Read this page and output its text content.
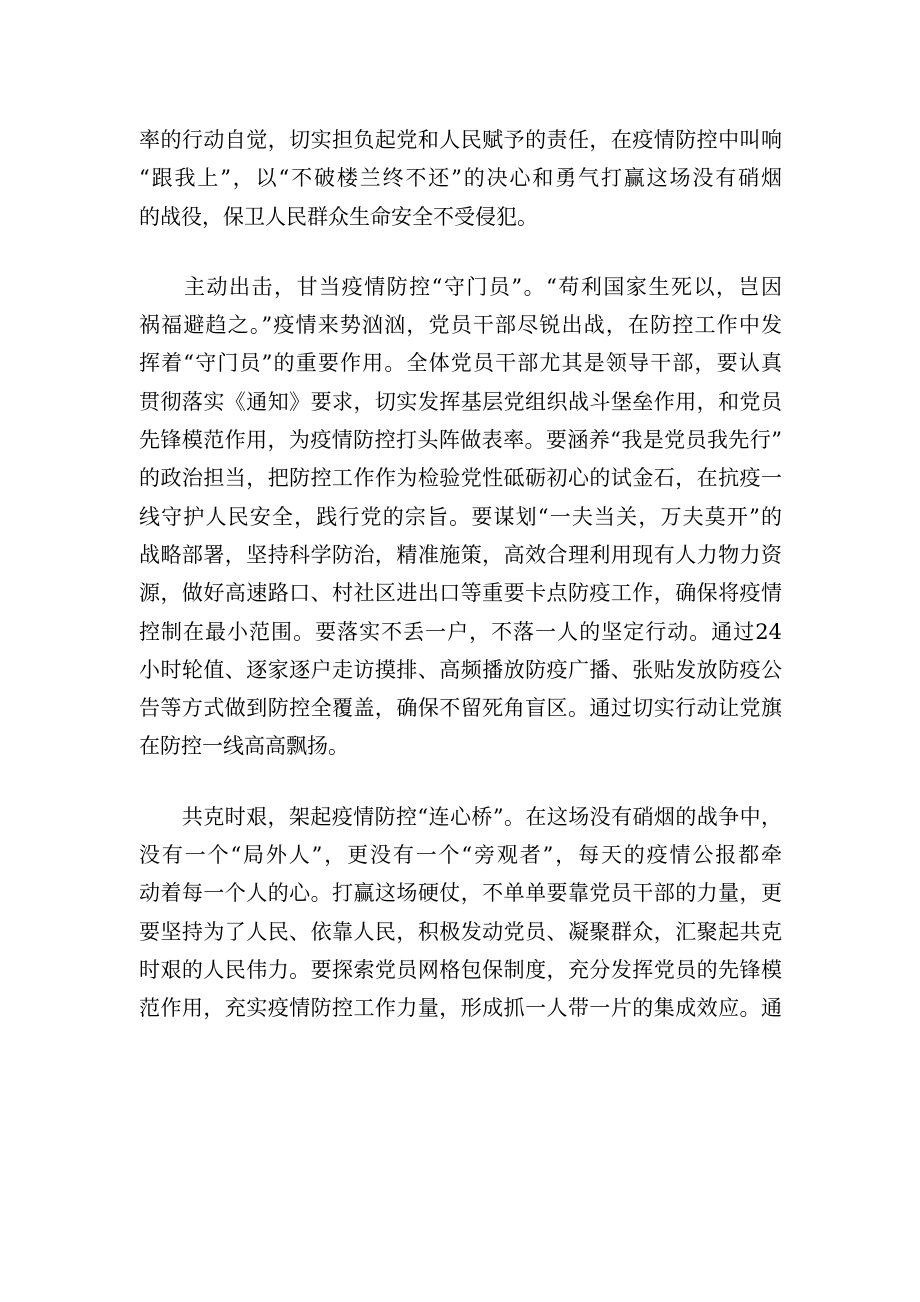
率的行动自觉，切实担负起党和人民赋予的责任，在疫情防控中叫响
“跟我上”，以“不破楼兰终不还”的决心和勇气打赢这场没有硝烟
的战役，保卫人民群众生命安全不受侵犯。
　　主动出击，甘当疫情防控“守门员”。“苟利国家生死以，岂因
祸福避趋之。”疫情来势汹汹，党员干部尽锐出战，在防控工作中发
挥着“守门员”的重要作用。全体党员干部尤其是领导干部，要认真
贯彻落实《通知》要求，切实发挥基层党组织战斗堡垒作用，和党员
先锋模范作用，为疫情防控打头阵做表率。要涵养“我是党员我先行”
的政治担当，把防控工作作为检验党性砥砺初心的试金石，在抗疫一
线守护人民安全，践行党的宗旨。要谋划“一夫当关，万夫莫开”的
战略部署，坚持科学防治，精准施策，高效合理利用现有人力物力资
源，做好高速路口、村社区进出口等重要卡点防疫工作，确保将疫情
控制在最小范围。要落实不丢一户，不落一人的坚定行动。通过24
小时轮值、逐家逐户走访摸排、高频播放防疫广播、张贴发放防疫公
告等方式做到防控全覆盖，确保不留死角盲区。通过切实行动让党旗
在防控一线高高飘扬。
　　共克时艰，架起疫情防控“连心桥”。在这场没有硝烟的战争中，
没有一个“局外人”，更没有一个“旁观者”，每天的疫情公报都牵
动着每一个人的心。打赢这场硬仗，不单单要靠党员干部的力量，更
要坚持为了人民、依靠人民，积极发动党员、凝聚群众，汇聚起共克
时艰的人民伟力。要探索党员网格包保制度，充分发挥党员的先锋模
范作用，充实疫情防控工作力量，形成抓一人带一片的集成效应。通
